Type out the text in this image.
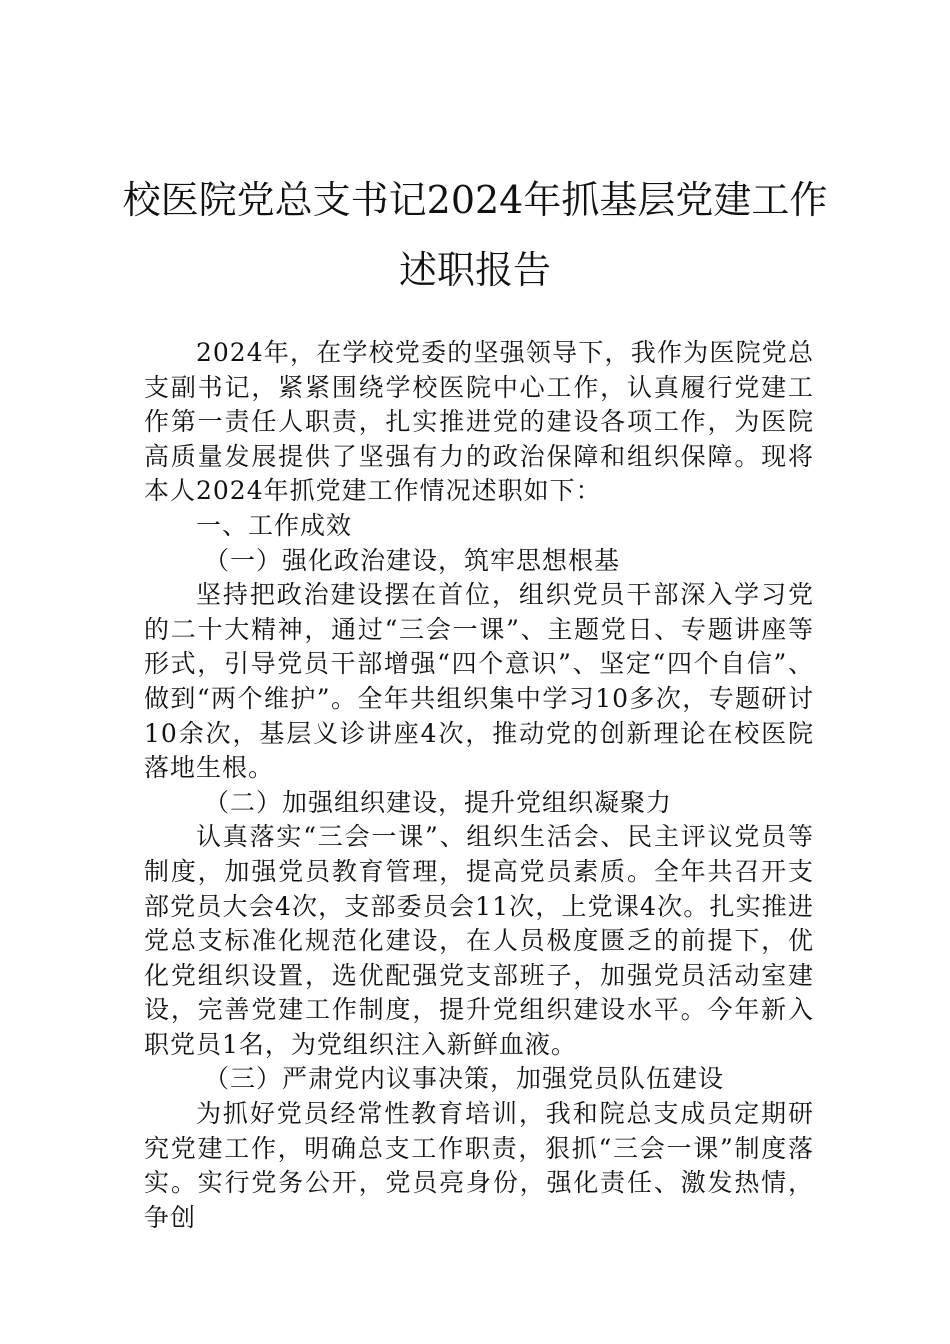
校医院党总支书记2024年抓基层党建工作
述职报告

2024年，在学校党委的坚强领导下，我作为医院党总支副书记，紧紧围绕学校医院中心工作，认真履行党建工作第一责任人职责，扎实推进党的建设各项工作，为医院高质量发展提供了坚强有力的政治保障和组织保障。现将本人2024年抓党建工作情况述职如下：

一、工作成效

（一）强化政治建设，筑牢思想根基

坚持把政治建设摆在首位，组织党员干部深入学习党的二十大精神，通过“三会一课”、主题党日、专题讲座等形式，引导党员干部增强“四个意识”、坚定“四个自信”、做到“两个维护”。全年共组织集中学习10多次，专题研讨10余次，基层义诊讲座4次，推动党的创新理论在校医院落地生根。

（二）加强组织建设，提升党组织凝聚力

认真落实“三会一课”、组织生活会、民主评议党员等制度，加强党员教育管理，提高党员素质。全年共召开支部党员大会4次，支部委员会11次，上党课4次。扎实推进党总支标准化规范化建设，在人员极度匮乏的前提下，优化党组织设置，选优配强党支部班子，加强党员活动室建设，完善党建工作制度，提升党组织建设水平。今年新入职党员1名，为党组织注入新鲜血液。

（三）严肃党内议事决策，加强党员队伍建设

为抓好党员经常性教育培训，我和院总支成员定期研究党建工作，明确总支工作职责，狠抓“三会一课”制度落实。实行党务公开，党员亮身份，强化责任、激发热情，争创
